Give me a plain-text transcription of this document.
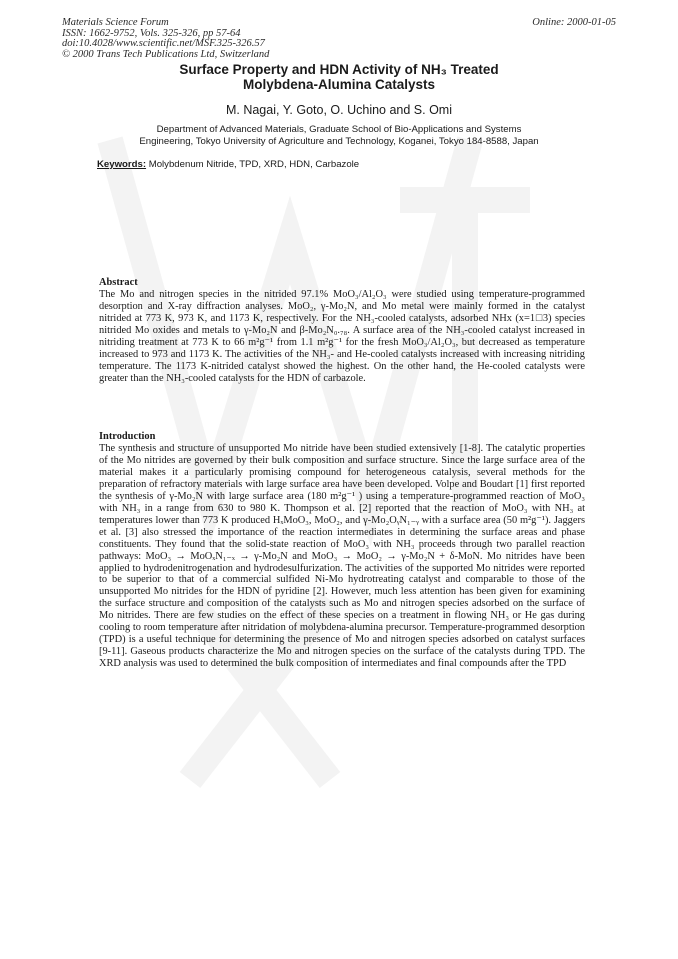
Materials Science Forum
ISSN: 1662-9752, Vols. 325-326, pp 57-64
doi:10.4028/www.scientific.net/MSF.325-326.57
© 2000 Trans Tech Publications Ltd, Switzerland
Online: 2000-01-05
Surface Property and HDN Activity of NH₃ Treated
Molybdena-Alumina Catalysts
M. Nagai, Y. Goto, O. Uchino and S. Omi
Department of Advanced Materials, Graduate School of Bio-Applications and Systems
Engineering, Tokyo University of Agriculture and Technology, Koganei, Tokyo 184-8588, Japan
Keywords: Molybdenum Nitride, TPD, XRD, HDN, Carbazole
Abstract

The Mo and nitrogen species in the nitrided 97.1% MoO₃/Al₂O₃ were studied using temperature-programmed desorption and X-ray diffraction analyses. MoO₂, γ-Mo₂N, and Mo metal were mainly formed in the catalyst nitrided at 773 K, 973 K, and 1173 K, respectively. For the NH₃-cooled catalysts, adsorbed NHx (x=1□3) species nitrided Mo oxides and metals to γ-Mo₂N and β-Mo₂N₀.₇₈. A surface area of the NH₃-cooled catalyst increased in nitriding treatment at 773 K to 66 m²g⁻¹ from 1.1 m²g⁻¹ for the fresh MoO₃/Al₂O₃, but decreased as temperature increased to 973 and 1173 K. The activities of the NH₃- and He-cooled catalysts increased with increasing nitriding temperature. The 1173 K-nitrided catalyst showed the highest. On the other hand, the He-cooled catalysts were greater than the NH₃-cooled catalysts for the HDN of carbazole.

Introduction

The synthesis and structure of unsupported Mo nitride have been studied extensively [1-8]. The catalytic properties of the Mo nitrides are governed by their bulk composition and surface structure. Since the large surface area of the material makes it a particularly promising compound for heterogeneous catalysis, several methods for the preparation of refractory materials with large surface area have been developed. Volpe and Boudart [1] first reported the synthesis of γ-Mo₂N with large surface area (180 m²g⁻¹ ) using a temperature-programmed reaction of MoO₃ with NH₃ in a range from 630 to 980 K. Thompson et al. [2] reported that the reaction of MoO₃ with NH₃ at temperatures lower than 773 K produced HₓMoO₃, MoO₂, and γ-Mo₂OᵧN₁₋ᵧ with a surface area (50 m²g⁻¹). Jaggers et al. [3] also stressed the importance of the reaction intermediates in determining the surface areas and phase constituents. They found that the solid-state reaction of MoO₃ with NH₃ proceeds through two parallel reaction pathways: MoO₃ → MoOₓN₁₋ₓ → γ-Mo₂N and MoO₃ → MoO₂ → γ-Mo₂N + δ-MoN. Mo nitrides have been applied to hydrodenitrogenation and hydrodesulfurization. The activities of the supported Mo nitrides were reported to be superior to that of a commercial sulfided Ni-Mo hydrotreating catalyst and comparable to those of the unsupported Mo nitrides for the HDN of pyridine [2]. However, much less attention has been given for examining the surface structure and composition of the catalysts such as Mo and nitrogen species adsorbed on the surface of Mo nitrides. There are few studies on the effect of these species on a treatment in flowing NH₃ or He gas during cooling to room temperature after nitridation of molybdena-alumina precursor. Temperature-programmed desorption (TPD) is a useful technique for determining the presence of Mo and nitrogen species adsorbed on catalyst surfaces [9-11]. Gaseous products characterize the Mo and nitrogen species on the surface of the catalysts during TPD. The XRD analysis was used to determined the bulk composition of intermediates and final compounds after the TPD
